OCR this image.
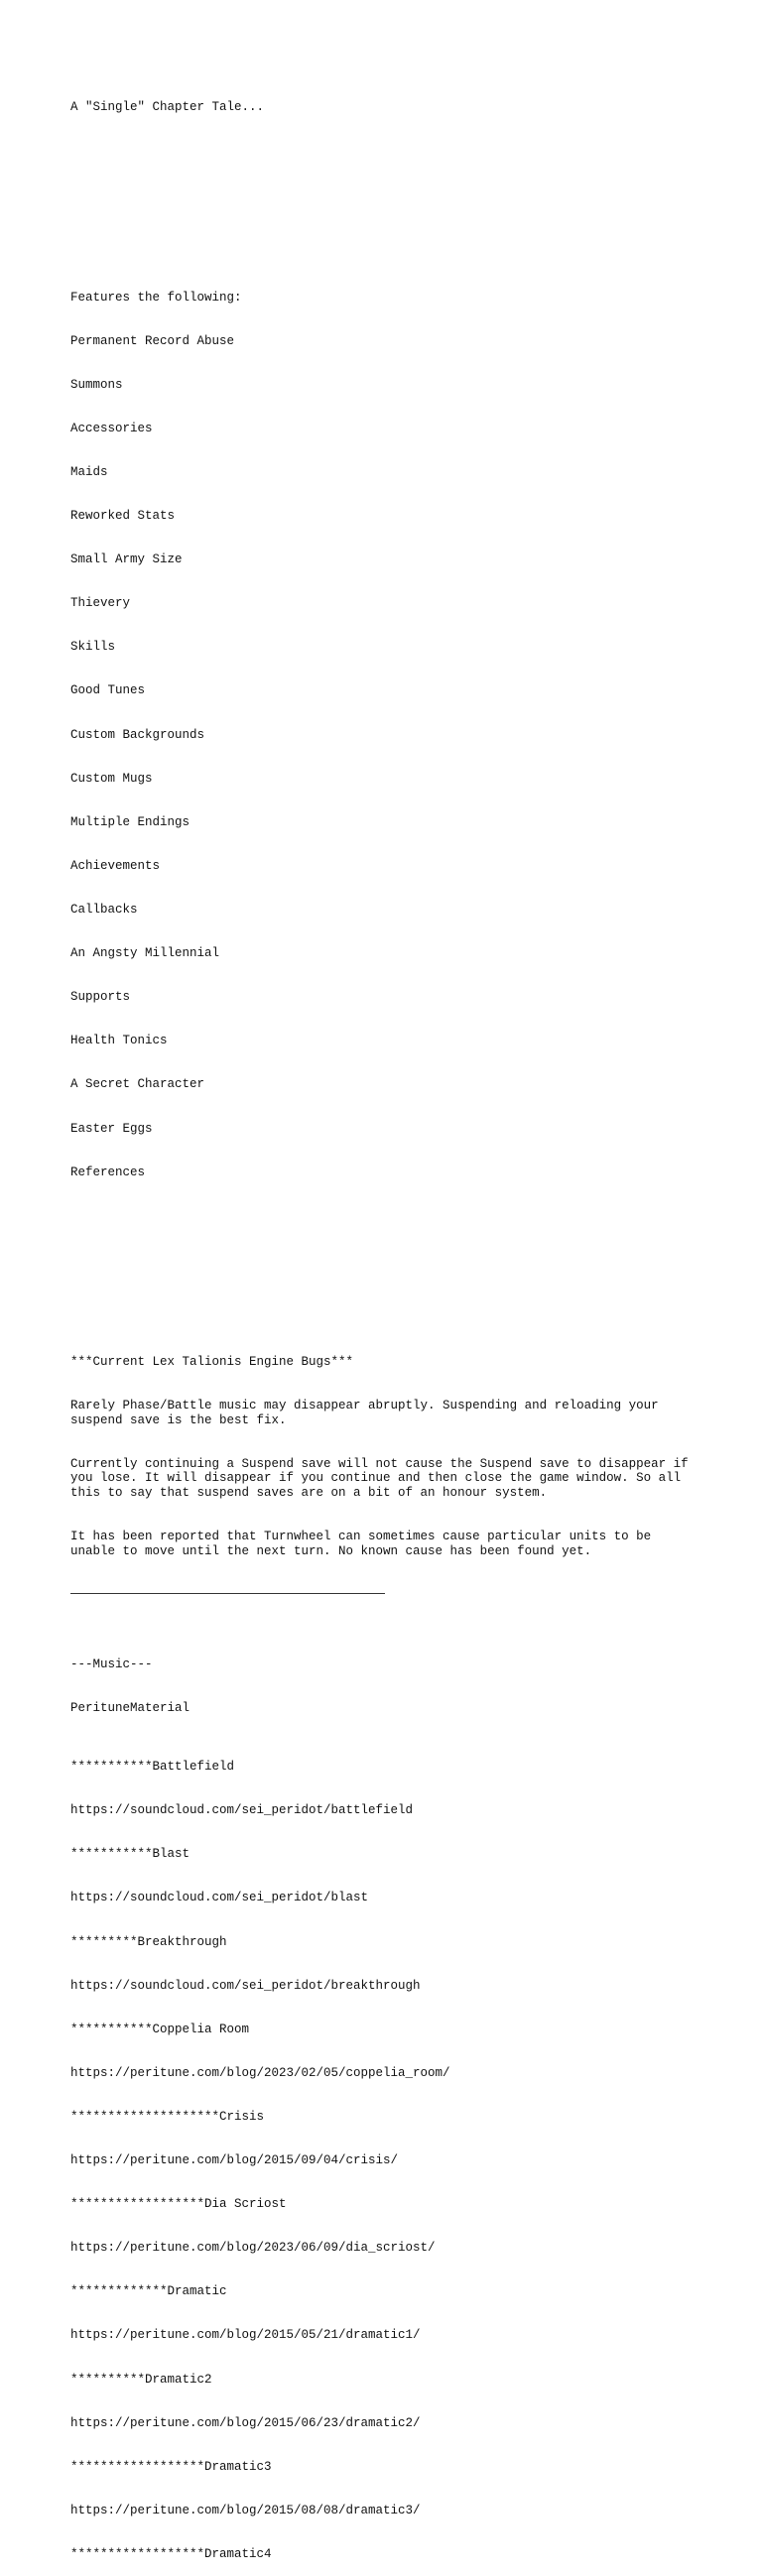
A "Single" Chapter Tale...

Features the following:

Permanent Record Abuse

Summons

Accessories

Maids

Reworked Stats

Small Army Size

Thievery

Skills

Good Tunes

Custom Backgrounds

Custom Mugs

Multiple Endings

Achievements

Callbacks

An Angsty Millennial

Supports

Health Tonics

A Secret Character

Easter Eggs

References

***Current Lex Talionis Engine Bugs***

Rarely Phase/Battle music may disappear abruptly. Suspending and reloading your suspend save is the best fix.

Currently continuing a Suspend save will not cause the Suspend save to disappear if you lose. It will disappear if you continue and then close the game window. So all this to say that suspend saves are on a bit of an honour system.

It has been reported that Turnwheel can sometimes cause particular units to be unable to move until the next turn. No known cause has been found yet.

---Music---

PerituneMaterial

***********Battlefield

https://soundcloud.com/sei_peridot/battlefield

***********Blast

https://soundcloud.com/sei_peridot/blast

*********Breakthrough

https://soundcloud.com/sei_peridot/breakthrough

***********Coppelia Room

https://peritune.com/blog/2023/02/05/coppelia_room/

********************Crisis

https://peritune.com/blog/2015/09/04/crisis/

******************Dia Scriost

https://peritune.com/blog/2023/06/09/dia_scriost/

*************Dramatic

https://peritune.com/blog/2015/05/21/dramatic1/

**********Dramatic2

https://peritune.com/blog/2015/06/23/dramatic2/

******************Dramatic3

https://peritune.com/blog/2015/08/08/dramatic3/

******************Dramatic4
